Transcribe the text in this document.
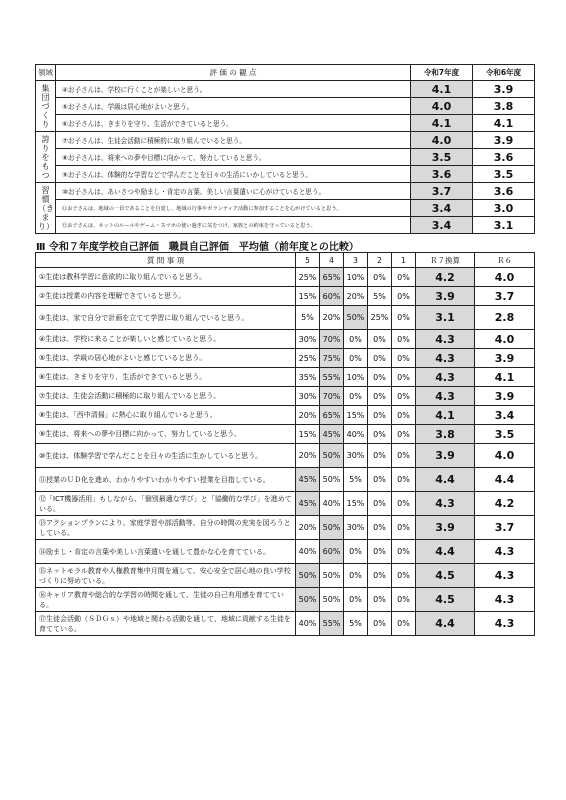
領域	評 価 の 観 点	令和7年度	令和6年度
集団づくり	④お子さんは、学校に行くことが楽しいと思う。	4.1	3.9
	⑤お子さんは、学級は居心地がよいと思う。	4.0	3.8
	⑥お子さんは、きまりを守り、生活ができていると思う。	4.1	4.1
誇りをもつ	⑦お子さんは、生徒会活動に積極的に取り組んでいると思う。	4.0	3.9
	⑧お子さんは、将来への夢や目標に向かって、努力していると思う。	3.5	3.6
	⑨お子さんは、体験的な学習などで学んだことを日々の生活にいかしていると思う。	3.6	3.5
習慣（きまり）	⑩お子さんは、あいさつや励まし・肯定の言葉、美しい言葉遣いに心がけていると思う。	3.7	3.6
	⑪お子さんは、地域の一員であることを自覚し、地域の行事やボランティア活動に参加することを心がけていると思う。	3.4	3.0
	⑫お子さんは、ネットのルールやゲーム・スマホの使い過ぎに気をつけ、家族との約束を守っていると思う。	3.4	3.1
Ⅲ 令和７年度学校自己評価　職員自己評価　平均値（前年度との比較）
質 問 事 項	5	4	3	2	1	Ｒ７換算	Ｒ６
①生徒は教科学習に意欲的に取り組んでいると思う。	25%	65%	10%	0%	0%	4.2	4.0
②生徒は授業の内容を理解できていると思う。	15%	60%	20%	5%	0%	3.9	3.7
③生徒は、家で自分で計画を立てて学習に取り組んでいると思う。	5%	20%	50%	25%	0%	3.1	2.8
④生徒は、学校に来ることが楽しいと感じていると思う。	30%	70%	0%	0%	0%	4.3	4.0
⑤生徒は、学級の居心地がよいと感じていると思う。	25%	75%	0%	0%	0%	4.3	3.9
⑥生徒は、きまりを守り、生活ができていると思う。	35%	55%	10%	0%	0%	4.3	4.1
⑦生徒は、生徒会活動に積極的に取り組んでいると思う。	30%	70%	0%	0%	0%	4.3	3.9
⑧生徒は、「西中清掃」に熱心に取り組んでいると思う。	20%	65%	15%	0%	0%	4.1	3.4
⑨生徒は、将来への夢や目標に向かって、努力していると思う。	15%	45%	40%	0%	0%	3.8	3.5
⑩生徒は、体験学習で学んだことを日々の生活に生かしていると思う。	20%	50%	30%	0%	0%	3.9	4.0
⑪授業のＵＤ化を進め、わかりやすいわかりやすい授業を目指している。	45%	50%	5%	0%	0%	4.4	4.4
⑫「ICT機器活用」もしながら、「個別最適な学び」と「協働的な学び」を進めている。	45%	40%	15%	0%	0%	4.3	4.2
⑬アクションプランにより、家庭学習や部活動等、自分の時間の充実を図ろうとしている。	20%	50%	30%	0%	0%	3.9	3.7
⑭励まし・肯定の言葉や美しい言葉遣いを通して豊かな心を育てている。	40%	60%	0%	0%	0%	4.4	4.3
⑮ネットモラル教育や人権教育集中月間を通して、安心安全で居心地の良い学校づくりに努めている。	50%	50%	0%	0%	0%	4.5	4.3
⑯キャリア教育や総合的な学習の時間を通して、生徒の自己有用感を育てている。	50%	50%	0%	0%	0%	4.5	4.3
⑰生徒会活動（ＳＤＧｓ）や地域と関わる活動を通して、地域に貢献する生徒を育てている。	40%	55%	5%	0%	0%	4.4	4.3
